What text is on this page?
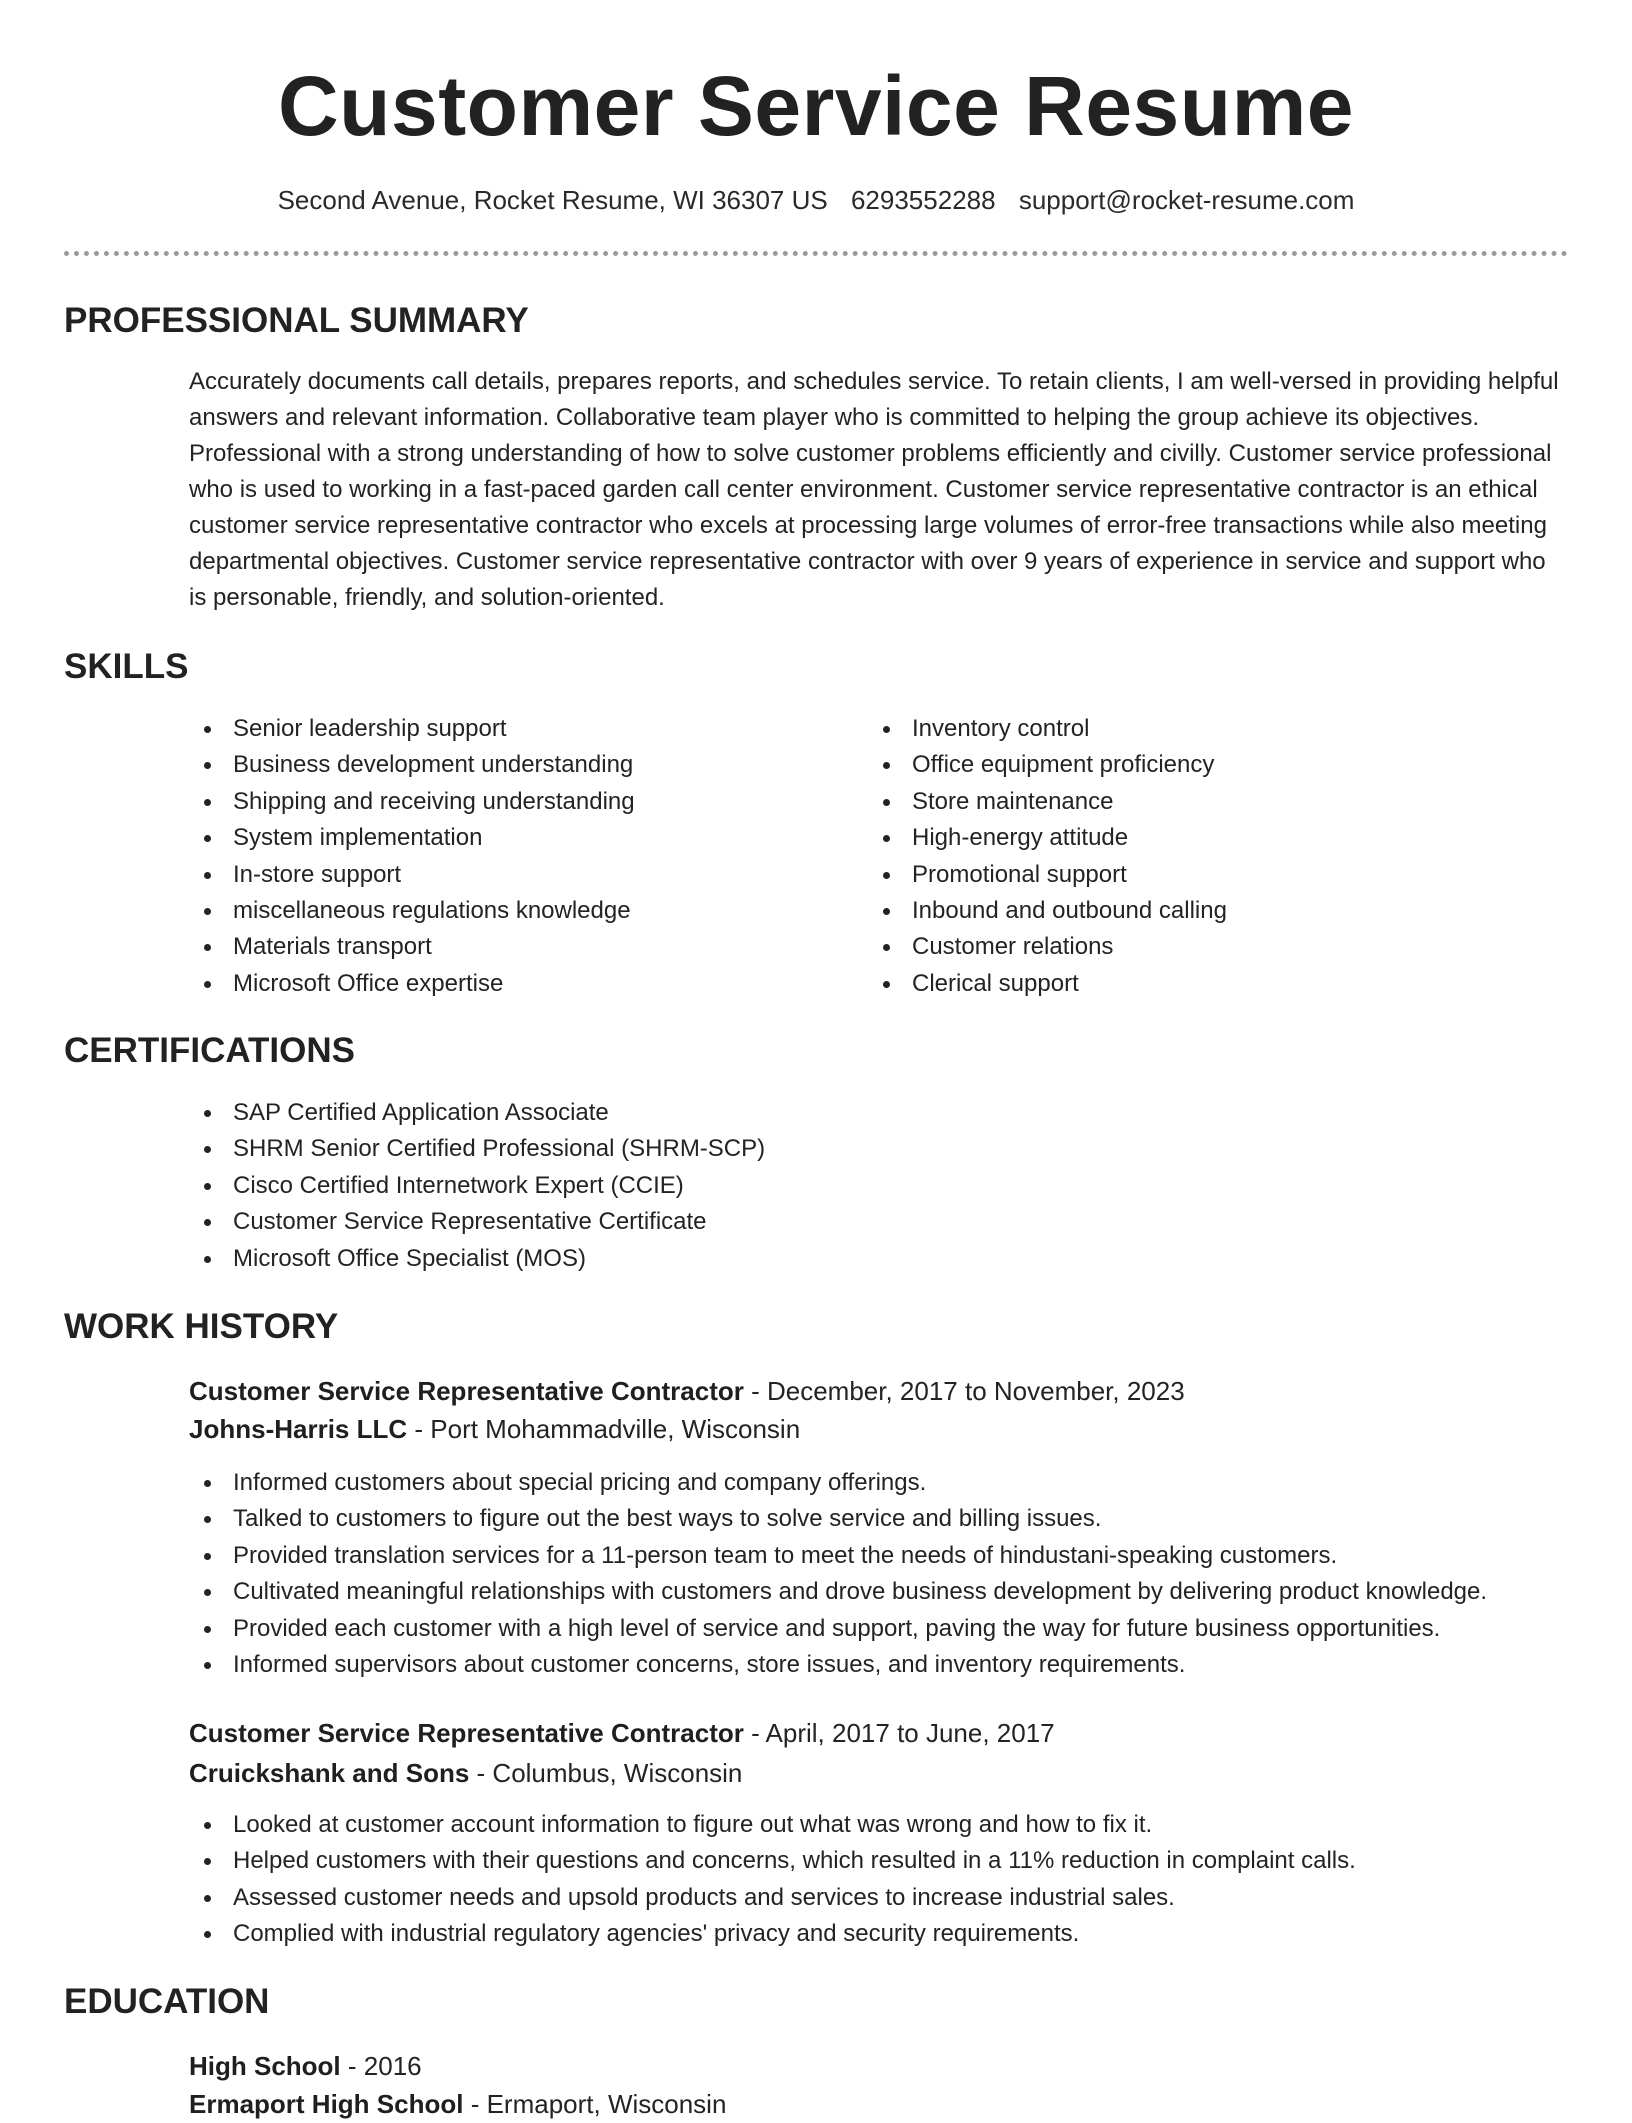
Customer Service Resume
Second Avenue, Rocket Resume, WI 36307 US 6293552288 support@rocket-resume.com
PROFESSIONAL SUMMARY

Accurately documents call details, prepares reports, and schedules service. To retain clients, I am well-versed in providing helpful answers and relevant information. Collaborative team player who is committed to helping the group achieve its objectives. Professional with a strong understanding of how to solve customer problems efficiently and civilly. Customer service professional who is used to working in a fast-paced garden call center environment. Customer service representative contractor is an ethical customer service representative contractor who excels at processing large volumes of error-free transactions while also meeting departmental objectives. Customer service representative contractor with over 9 years of experience in service and support who is personable, friendly, and solution-oriented.

SKILLS
Senior leadership support
Business development understanding
Shipping and receiving understanding
System implementation
In-store support
miscellaneous regulations knowledge
Materials transport
Microsoft Office expertise
Inventory control
Office equipment proficiency
Store maintenance
High-energy attitude
Promotional support
Inbound and outbound calling
Customer relations
Clerical support
CERTIFICATIONS
SAP Certified Application Associate
SHRM Senior Certified Professional (SHRM-SCP)
Cisco Certified Internetwork Expert (CCIE)
Customer Service Representative Certificate
Microsoft Office Specialist (MOS)
WORK HISTORY
Customer Service Representative Contractor - December, 2017 to November, 2023
Johns-Harris LLC - Port Mohammadville, Wisconsin
Informed customers about special pricing and company offerings.
Talked to customers to figure out the best ways to solve service and billing issues.
Provided translation services for a 11-person team to meet the needs of hindustani-speaking customers.
Cultivated meaningful relationships with customers and drove business development by delivering product knowledge.
Provided each customer with a high level of service and support, paving the way for future business opportunities.
Informed supervisors about customer concerns, store issues, and inventory requirements.
Customer Service Representative Contractor - April, 2017 to June, 2017
Cruickshank and Sons - Columbus, Wisconsin
Looked at customer account information to figure out what was wrong and how to fix it.
Helped customers with their questions and concerns, which resulted in a 11% reduction in complaint calls.
Assessed customer needs and upsold products and services to increase industrial sales.
Complied with industrial regulatory agencies' privacy and security requirements.
EDUCATION
High School - 2016
Ermaport High School - Ermaport, Wisconsin
